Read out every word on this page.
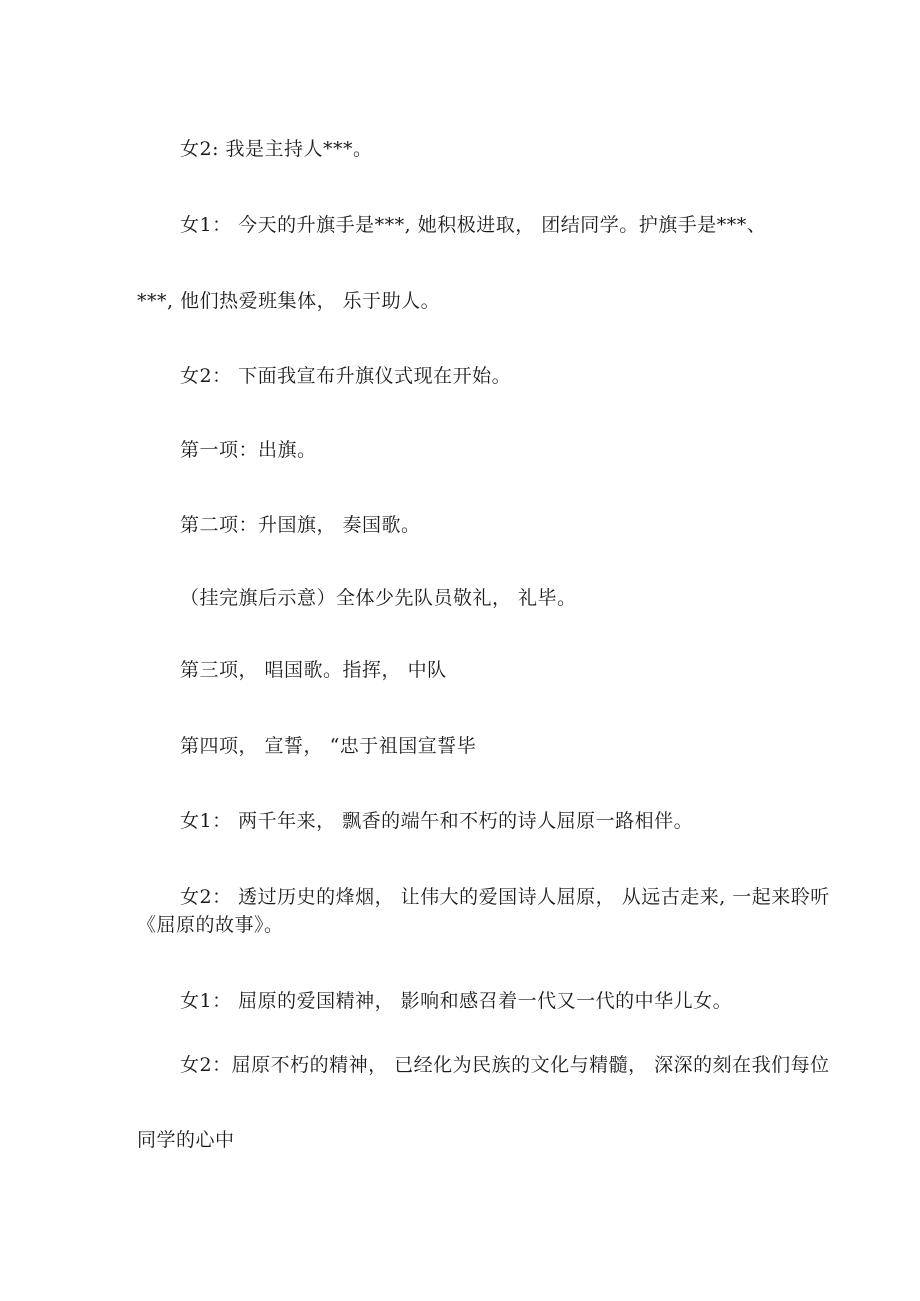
女2: 我是主持人***。
女1： 今天的升旗手是***, 她积极进取， 团结同学。护旗手是***、
***, 他们热爱班集体， 乐于助人。
女2： 下面我宣布升旗仪式现在开始。
第一项：出旗。
第二项：升国旗， 奏国歌。
（挂完旗后示意）全体少先队员敬礼， 礼毕。
第三项， 唱国歌。指挥， 中队
第四项， 宣誓， “忠于祖国宣誓毕
女1： 两千年来， 飘香的端午和不朽的诗人屈原一路相伴。
女2： 透过历史的烽烟， 让伟大的爱国诗人屈原， 从远古走来, 一起来聆听
《屈原的故事》。
女1： 屈原的爱国精神， 影响和感召着一代又一代的中华儿女。
女2：屈原不朽的精神， 已经化为民族的文化与精髓， 深深的刻在我们每位
同学的心中
